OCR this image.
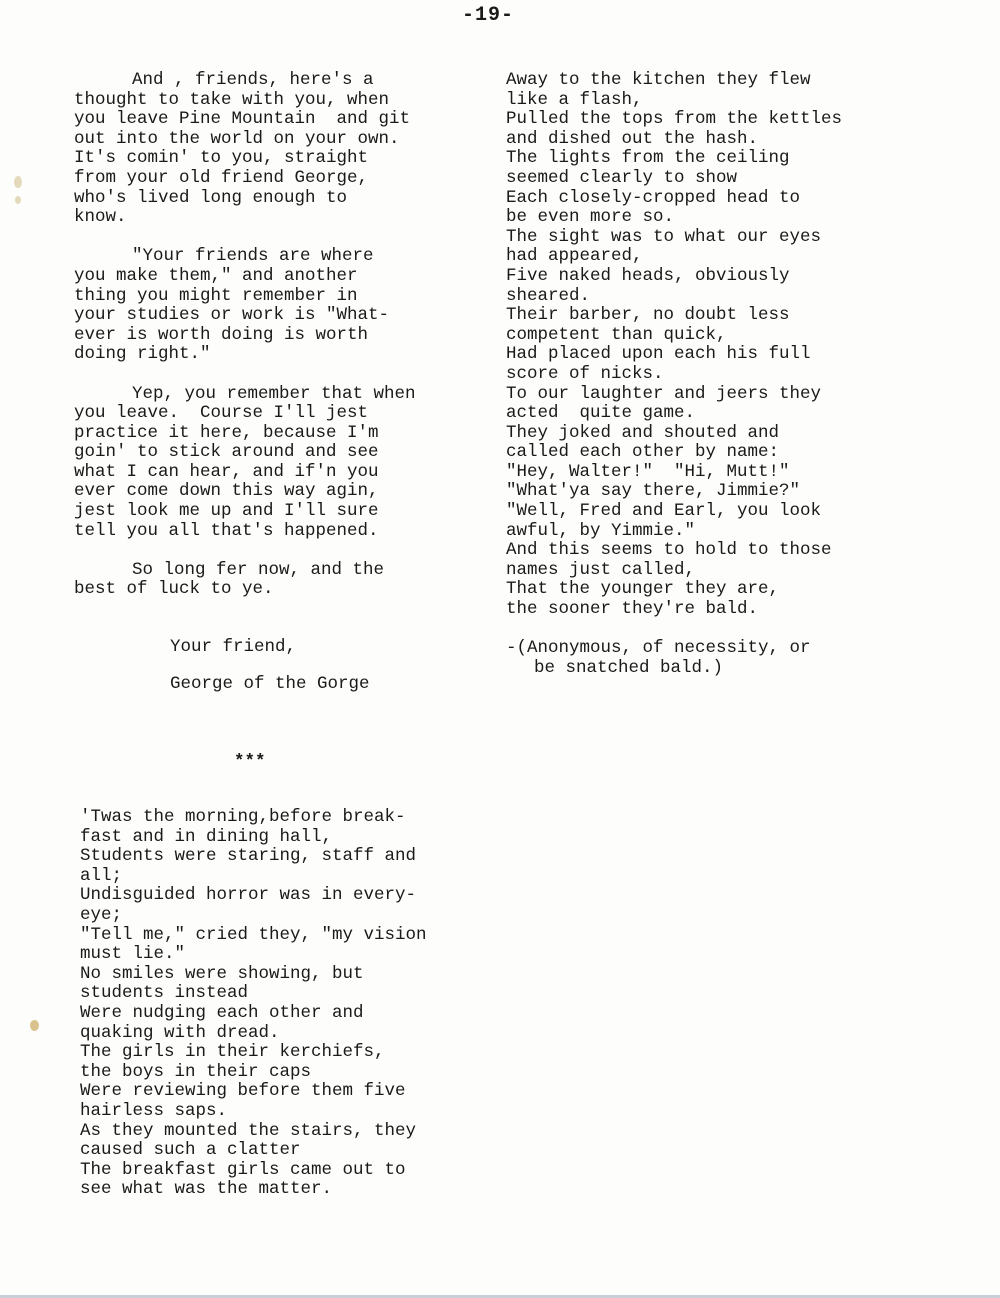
-19-
And , friends, here's a
thought to take with you, when
you leave Pine Mountain  and git
out into the world on your own.
It's comin' to you, straight
from your old friend George,
who's lived long enough to
know.
"Your friends are where
you make them," and another
thing you might remember in
your studies or work is "What-
ever is worth doing is worth
doing right."
Yep, you remember that when
you leave.  Course I'll jest
practice it here, because I'm
goin' to stick around and see
what I can hear, and if'n you
ever come down this way agin,
jest look me up and I'll sure
tell you all that's happened.
So long fer now, and the
best of luck to ye.
Your friend,
George of the Gorge
***
'Twas the morning,before break-
fast and in dining hall,
Students were staring, staff and
all;
Undisguided horror was in every-
eye;
"Tell me," cried they, "my vision
must lie."
No smiles were showing, but
students instead
Were nudging each other and
quaking with dread.
The girls in their kerchiefs,
the boys in their caps
Were reviewing before them five
hairless saps.
As they mounted the stairs, they
caused such a clatter
The breakfast girls came out to
see what was the matter.
Away to the kitchen they flew
like a flash,
Pulled the tops from the kettles
and dished out the hash.
The lights from the ceiling
seemed clearly to show
Each closely-cropped head to
be even more so.
The sight was to what our eyes
had appeared,
Five naked heads, obviously
sheared.
Their barber, no doubt less
competent than quick,
Had placed upon each his full
score of nicks.
To our laughter and jeers they
acted  quite game.
They joked and shouted and
called each other by name:
"Hey, Walter!"  "Hi, Mutt!"
"What'ya say there, Jimmie?"
"Well, Fred and Earl, you look
awful, by Yimmie."
And this seems to hold to those
names just called,
That the younger they are,
the sooner they're bald.
-(Anonymous, of necessity, or
be snatched bald.)
